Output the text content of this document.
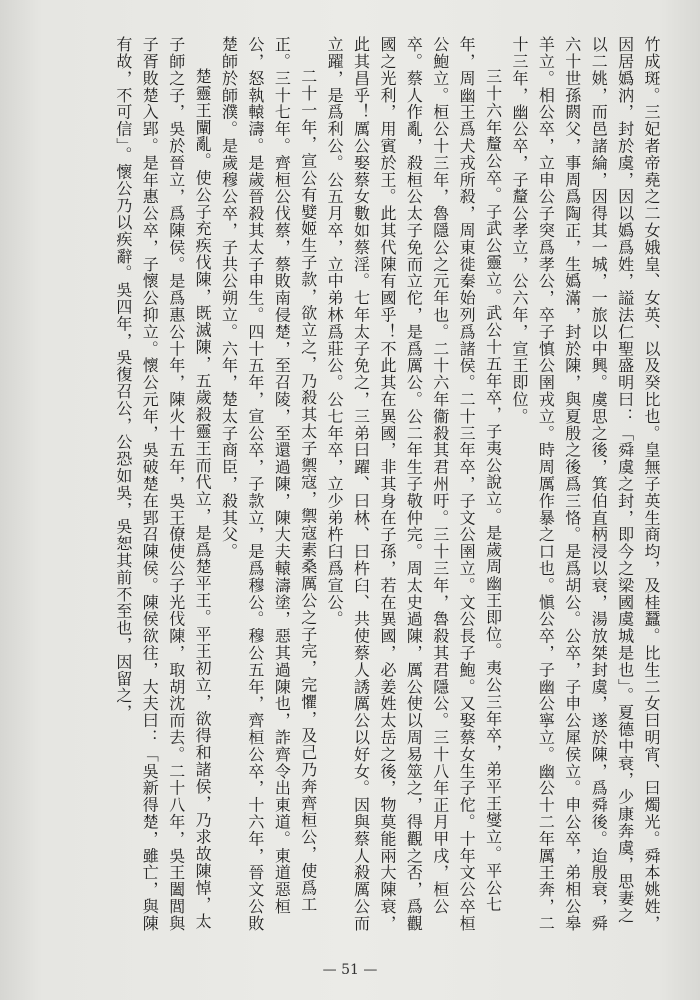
竹成斑。三妃者帝堯之二女娥皇、女英、以及癸比也。皇無子英生商均，及桂蠶。比生二女曰明宵、曰燭光。舜本姚姓，因居嬀汭，封於虞，因以嬀爲姓，謚法仁聖盛明曰：「舜虞之封，即今之梁國虞城是也」。夏德中衰，少康奔虞，思妻之以二姚，而邑諸綸，因得其一城，一旅以中興。虞思之後，箕伯直柄浸以衰，湯放桀封虞，遂於陳，爲舜後。迨殷衰，舜六十世孫閼父，事周爲陶正，生嬀滿，封於陳，與夏殷之後爲三恪。是爲胡公。公卒，子申公犀侯立。申公卒，弟相公皋羊立。相公卒，立申公子突爲孝公，卒子慎公圉戎立。時周厲作暴之口也。愼公卒，子幽公寧立。幽公十二年厲王奔，二十三年，幽公卒，子釐公孝立，公六年，宣王即位。

三十六年釐公卒。子武公靈立。武公十五年卒，子夷公說立。是歲周幽王即位。夷公三年卒，弟平王燮立。平公七年，周幽王爲犬戎所殺，周東徙秦始列爲諸侯。二十三年卒，子文公圉立。文公長子鮑。又娶蔡女生子佗。十年文公卒桓公鮑立。桓公十三年，魯隱公之元年也。二十六年衞殺其君州吁。三十三年，魯殺其君隱公。三十八年正月甲戌，桓公卒。蔡人作亂，殺桓公太子免而立佗，是爲厲公。公二年生子敬仲完。周太史過陳，厲公使以周易筮之，得觀之否，爲觀國之光利，用賓於王。此其代陳有國乎！不此其在異國，非其身在子孫，若在異國，必姜姓太岳之後，物莫能兩大陳衰，此其昌乎！厲公娶蔡女數如蔡淫。七年太子免之，三弟曰躍、曰林、曰杵臼、共使蔡人誘厲公以好女。因與蔡人殺厲公而立躍，是爲利公。公五月卒，立中弟林爲莊公。公七年卒，立少弟杵臼爲宣公。

二十一年，宣公有嬖姬生子款，欲立之，乃殺其太子禦寇，禦寇素桑厲公之子完，完懼，及己乃奔齊桓公，使爲工正。三十七年。齊桓公伐蔡，蔡敗南侵楚，至召陵，至還過陳，陳大夫轅濤塗，惡其過陳也，詐齊令出東道。東道惡桓公，怒執轅濤。是歲晉殺其太子申生。四十五年，宣公卒，子款立，是爲穆公。穆公五年，齊桓公卒，十六年，晉文公敗楚師於師濮。是歲穆公卒，子共公朔立。六年，楚太子商臣，殺其父。

楚靈王闡亂。使公子充疾伐陳，既滅陳，五歲殺靈王而代立，是爲楚平王。平王初立，欲得和諸侯，乃求故陳悼，太子師之子，吳於晉立，爲陳侯。是爲惠公十年，陳火十五年，吳王僚使公子光伐陳，取胡沈而去。二十八年，吳王闔閭與子胥敗楚入郢。是年惠公卒，子懷公抑立。懷公元年，吳破楚在郢召陳侯。陳侯欲往，大夫曰：「吳新得楚，雖亡，與陳有故，不可信」。懷公乃以疾辭。吳四年，吳復召公，公恐如吳，吳恕其前不至也，因留之，

— 51 —
